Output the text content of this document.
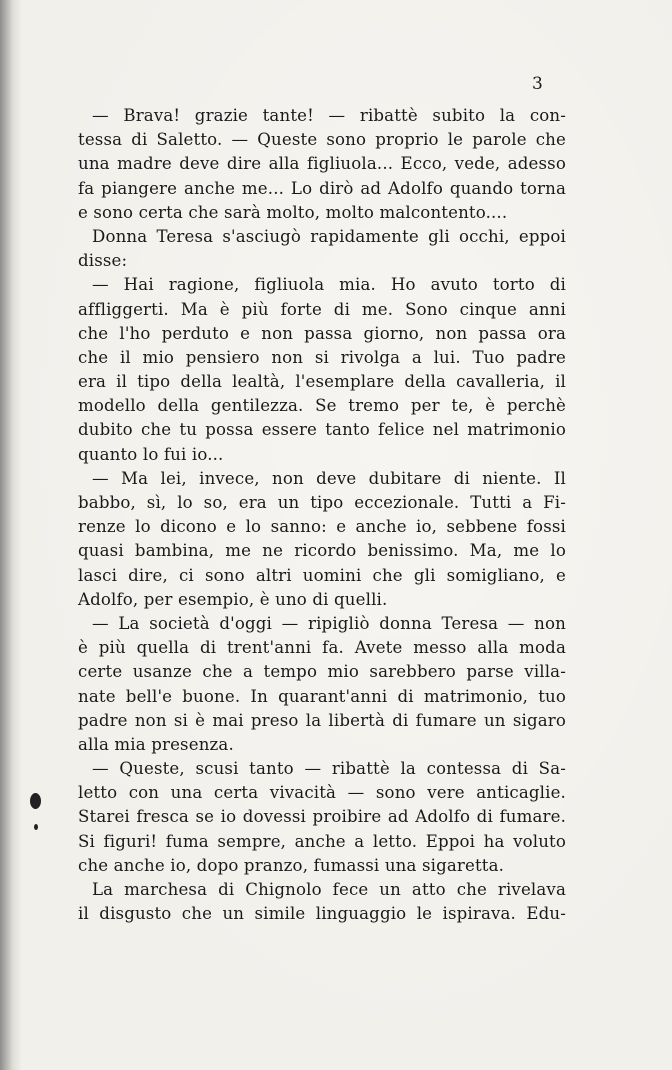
3
— Brava! grazie tante! — ribattè subito la con-
tessa di Saletto. — Queste sono proprio le parole che
una madre deve dire alla figliuola... Ecco, vede, adesso
fa piangere anche me... Lo dirò ad Adolfo quando torna
e sono certa che sarà molto, molto malcontento....
Donna Teresa s'asciugò rapidamente gli occhi, eppoi
disse:
— Hai ragione, figliuola mia. Ho avuto torto di
affliggerti. Ma è più forte di me. Sono cinque anni
che l'ho perduto e non passa giorno, non passa ora
che il mio pensiero non si rivolga a lui. Tuo padre
era il tipo della lealtà, l'esemplare della cavalleria, il
modello della gentilezza. Se tremo per te, è perchè
dubito che tu possa essere tanto felice nel matrimonio
quanto lo fui io...
— Ma lei, invece, non deve dubitare di niente. Il
babbo, sì, lo so, era un tipo eccezionale. Tutti a Fi-
renze lo dicono e lo sanno: e anche io, sebbene fossi
quasi bambina, me ne ricordo benissimo. Ma, me lo
lasci dire, ci sono altri uomini che gli somigliano, e
Adolfo, per esempio, è uno di quelli.
— La società d'oggi — ripigliò donna Teresa — non
è più quella di trent'anni fa. Avete messo alla moda
certe usanze che a tempo mio sarebbero parse villa-
nate bell'e buone. In quarant'anni di matrimonio, tuo
padre non si è mai preso la libertà di fumare un sigaro
alla mia presenza.
— Queste, scusi tanto — ribattè la contessa di Sa-
letto con una certa vivacità — sono vere anticaglie.
Starei fresca se io dovessi proibire ad Adolfo di fumare.
Si figuri! fuma sempre, anche a letto. Eppoi ha voluto
che anche io, dopo pranzo, fumassi una sigaretta.
La marchesa di Chignolo fece un atto che rivelava
il disgusto che un simile linguaggio le ispirava. Edu-
